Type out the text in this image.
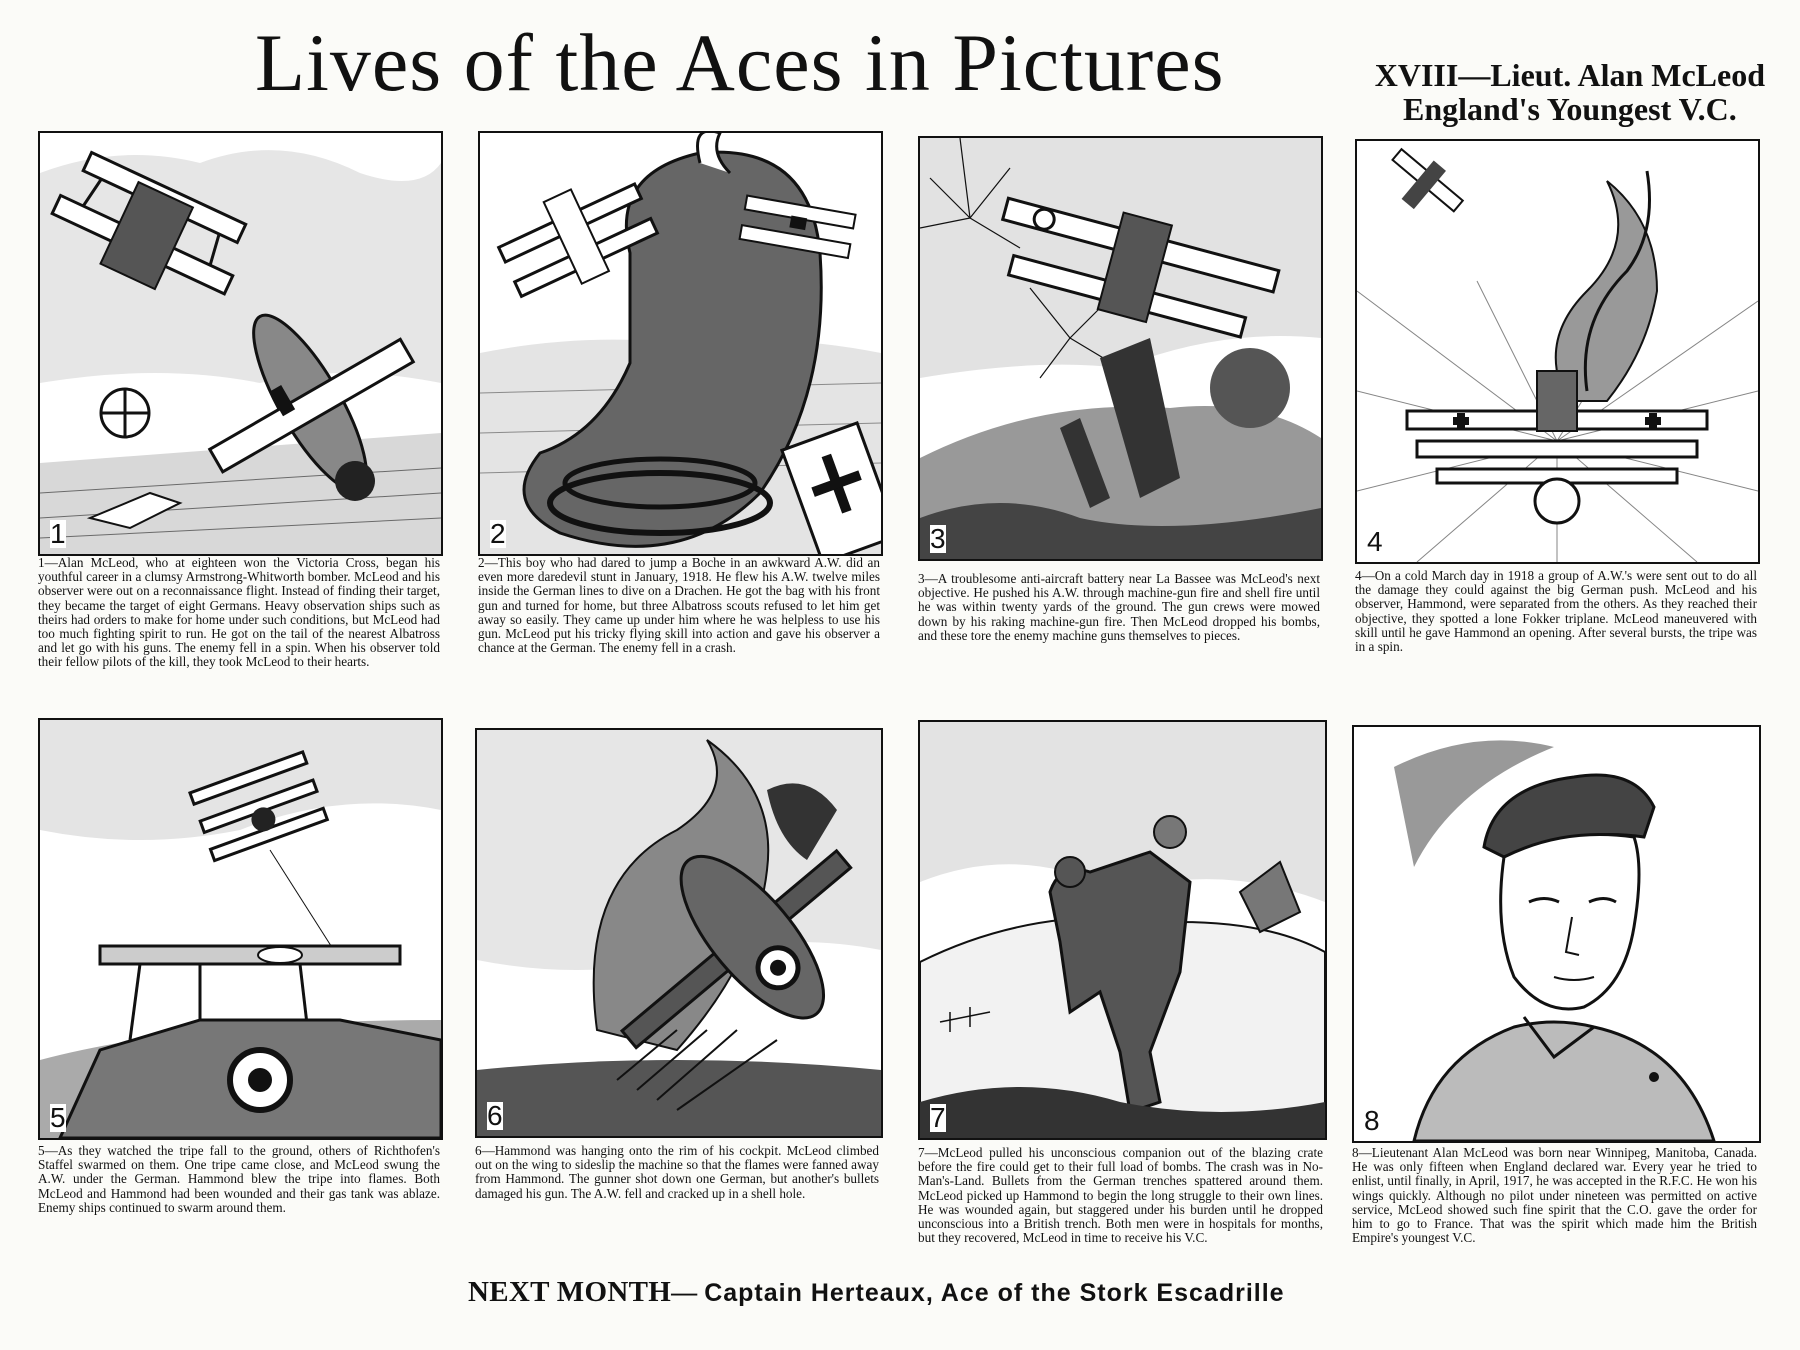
Lives of the Aces in Pictures	XVIII—Lieut. Alan McLeod
England's Youngest V.C.
1	2	3	4
5	6	7	8
1—Alan McLeod, who at eighteen won the Victoria Cross, began his youthful career in a clumsy Armstrong-Whitworth bomber. McLeod and his observer were out on a reconnaissance flight. Instead of finding their target, they became the target of eight Germans. Heavy observation ships such as theirs had orders to make for home under such conditions, but McLeod had too much fighting spirit to run. He got on the tail of the nearest Albatross and let go with his guns. The enemy fell in a spin. When his observer told their fellow pilots of the kill, they took McLeod to their hearts.
2—This boy who had dared to jump a Boche in an awkward A.W. did an even more daredevil stunt in January, 1918. He flew his A.W. twelve miles inside the German lines to dive on a Drachen. He got the bag with his front gun and turned for home, but three Albatross scouts refused to let him get away so easily. They came up under him where he was helpless to use his gun. McLeod put his tricky flying skill into action and gave his observer a chance at the German. The enemy fell in a crash.
3—A troublesome anti-aircraft battery near La Bassee was McLeod's next objective. He pushed his A.W. through machine-gun fire and shell fire until he was within twenty yards of the ground. The gun crews were mowed down by his raking machine-gun fire. Then McLeod dropped his bombs, and these tore the enemy machine guns themselves to pieces.
4—On a cold March day in 1918 a group of A.W.'s were sent out to do all the damage they could against the big German push. McLeod and his observer, Hammond, were separated from the others. As they reached their objective, they spotted a lone Fokker triplane. McLeod maneuvered with skill until he gave Hammond an opening. After several bursts, the tripe was in a spin.
5—As they watched the tripe fall to the ground, others of Richthofen's Staffel swarmed on them. One tripe came close, and McLeod swung the A.W. under the German. Hammond blew the tripe into flames. Both McLeod and Hammond had been wounded and their gas tank was ablaze. Enemy ships continued to swarm around them.
6—Hammond was hanging onto the rim of his cockpit. McLeod climbed out on the wing to sideslip the machine so that the flames were fanned away from Hammond. The gunner shot down one German, but another's bullets damaged his gun. The A.W. fell and cracked up in a shell hole.
7—McLeod pulled his unconscious companion out of the blazing crate before the fire could get to their full load of bombs. The crash was in No-Man's-Land. Bullets from the German trenches spattered around them. McLeod picked up Hammond to begin the long struggle to their own lines. He was wounded again, but staggered under his burden until he dropped unconscious into a British trench. Both men were in hospitals for months, but they recovered, McLeod in time to receive his V.C.
8—Lieutenant Alan McLeod was born near Winnipeg, Manitoba, Canada. He was only fifteen when England declared war. Every year he tried to enlist, until finally, in April, 1917, he was accepted in the R.F.C. He won his wings quickly. Although no pilot under nineteen was permitted on active service, McLeod showed such fine spirit that the C.O. gave the order for him to go to France. That was the spirit which made him the British Empire's youngest V.C.
NEXT MONTH— Captain Herteaux, Ace of the Stork Escadrille
